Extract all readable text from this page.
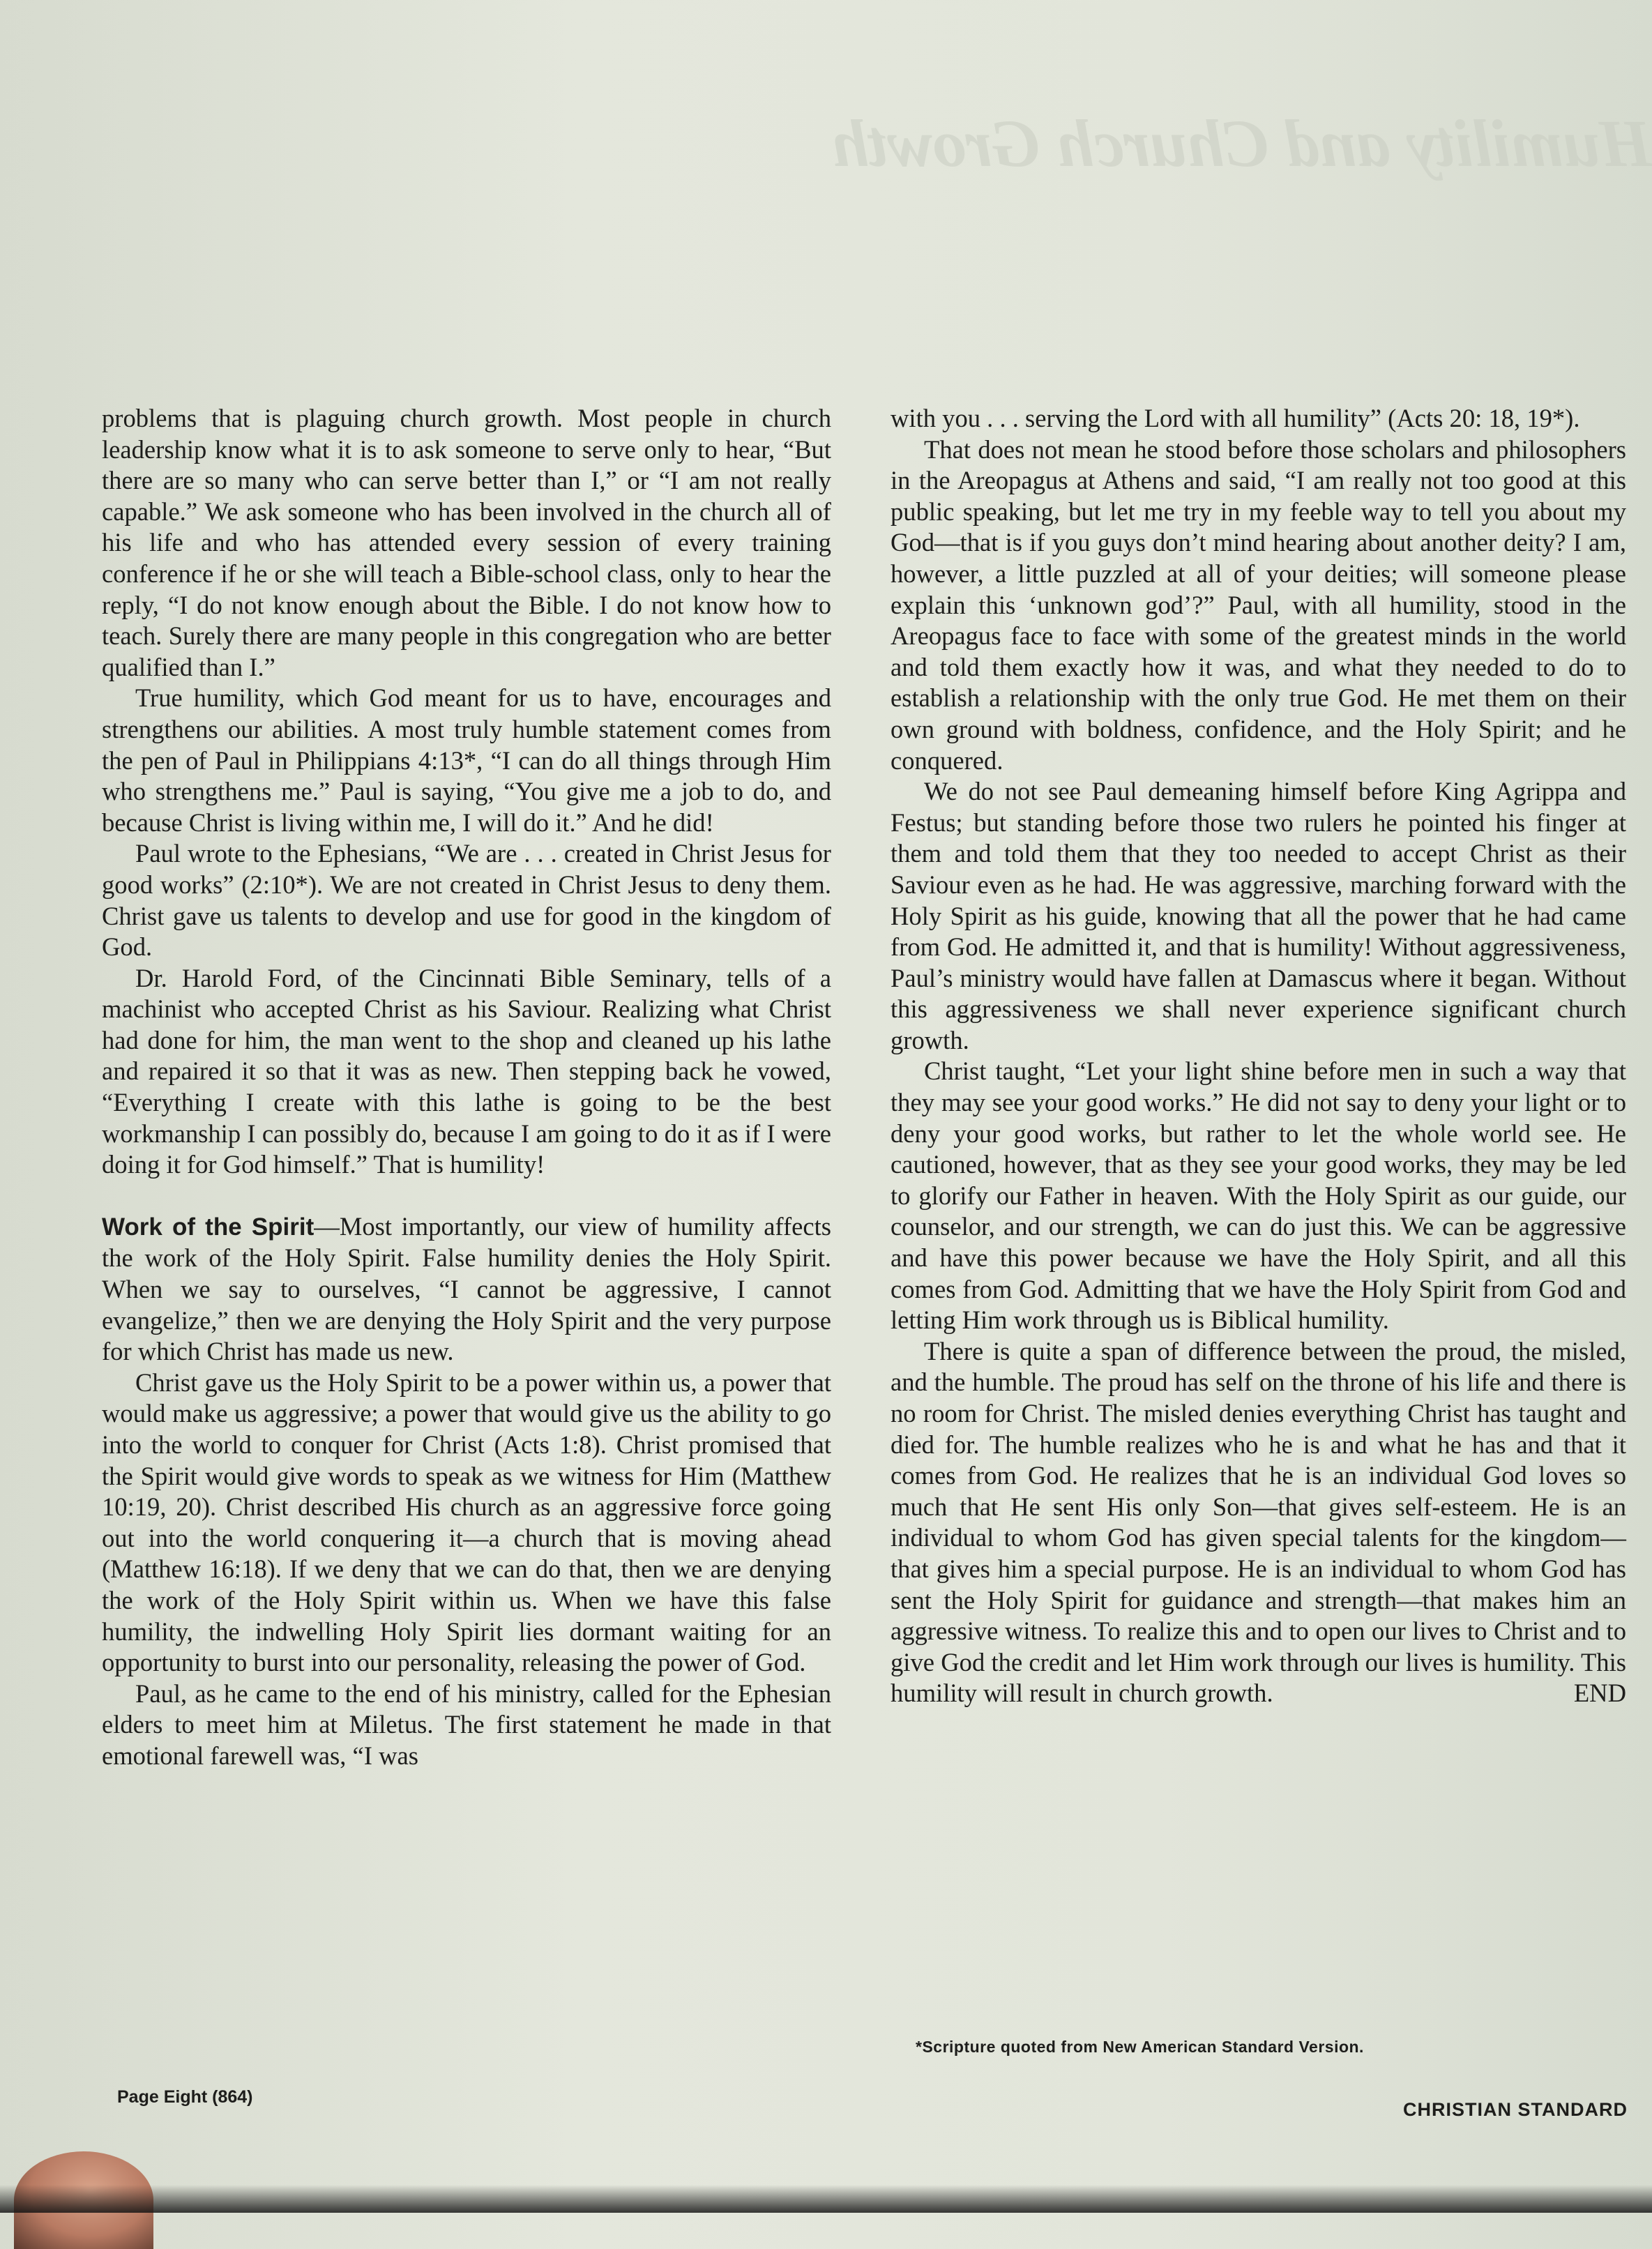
Humility and Church Growth

problems that is plaguing church growth. Most people in church leadership know what it is to ask someone to serve only to hear, “But there are so many who can serve better than I,” or “I am not really capable.” We ask someone who has been involved in the church all of his life and who has attended every session of every training conference if he or she will teach a Bible-school class, only to hear the reply, “I do not know enough about the Bible. I do not know how to teach. Surely there are many people in this congregation who are better qualified than I.”

True humility, which God meant for us to have, encourages and strengthens our abilities. A most truly humble statement comes from the pen of Paul in Philippians 4:13*, “I can do all things through Him who strengthens me.” Paul is saying, “You give me a job to do, and because Christ is living within me, I will do it.” And he did!

Paul wrote to the Ephesians, “We are . . . created in Christ Jesus for good works” (2:10*). We are not created in Christ Jesus to deny them. Christ gave us talents to develop and use for good in the kingdom of God.

Dr. Harold Ford, of the Cincinnati Bible Seminary, tells of a machinist who accepted Christ as his Saviour. Realizing what Christ had done for him, the man went to the shop and cleaned up his lathe and repaired it so that it was as new. Then stepping back he vowed, “Everything I create with this lathe is going to be the best workmanship I can possibly do, because I am going to do it as if I were doing it for God himself.” That is humility!

Work of the Spirit—Most importantly, our view of humility affects the work of the Holy Spirit. False humility denies the Holy Spirit. When we say to ourselves, “I cannot be aggressive, I cannot evangelize,” then we are denying the Holy Spirit and the very purpose for which Christ has made us new.

Christ gave us the Holy Spirit to be a power within us, a power that would make us aggressive; a power that would give us the ability to go into the world to conquer for Christ (Acts 1:8). Christ promised that the Spirit would give words to speak as we witness for Him (Matthew 10:19, 20). Christ described His church as an aggressive force going out into the world conquering it—a church that is moving ahead (Matthew 16:18). If we deny that we can do that, then we are denying the work of the Holy Spirit within us. When we have this false humility, the indwelling Holy Spirit lies dormant waiting for an opportunity to burst into our personality, releasing the power of God.

Paul, as he came to the end of his ministry, called for the Ephesian elders to meet him at Miletus. The first statement he made in that emotional farewell was, “I was

with you . . . serving the Lord with all humility” (Acts 20: 18, 19*).

That does not mean he stood before those scholars and philosophers in the Areopagus at Athens and said, “I am really not too good at this public speaking, but let me try in my feeble way to tell you about my God—that is if you guys don’t mind hearing about another deity? I am, however, a little puzzled at all of your deities; will someone please explain this ‘unknown god’?” Paul, with all humility, stood in the Areopagus face to face with some of the greatest minds in the world and told them exactly how it was, and what they needed to do to establish a relationship with the only true God. He met them on their own ground with boldness, confidence, and the Holy Spirit; and he conquered.

We do not see Paul demeaning himself before King Agrippa and Festus; but standing before those two rulers he pointed his finger at them and told them that they too needed to accept Christ as their Saviour even as he had. He was aggressive, marching forward with the Holy Spirit as his guide, knowing that all the power that he had came from God. He admitted it, and that is humility! Without aggressiveness, Paul’s ministry would have fallen at Damascus where it began. Without this aggressiveness we shall never experience significant church growth.

Christ taught, “Let your light shine before men in such a way that they may see your good works.” He did not say to deny your light or to deny your good works, but rather to let the whole world see. He cautioned, however, that as they see your good works, they may be led to glorify our Father in heaven. With the Holy Spirit as our guide, our counselor, and our strength, we can do just this. We can be aggressive and have this power because we have the Holy Spirit, and all this comes from God. Admitting that we have the Holy Spirit from God and letting Him work through us is Biblical humility.

There is quite a span of difference between the proud, the misled, and the humble. The proud has self on the throne of his life and there is no room for Christ. The misled denies everything Christ has taught and died for. The humble realizes who he is and what he has and that it comes from God. He realizes that he is an individual God loves so much that He sent His only Son—that gives self-esteem. He is an individual to whom God has given special talents for the kingdom—that gives him a special purpose. He is an individual to whom God has sent the Holy Spirit for guidance and strength—that makes him an aggressive witness. To realize this and to open our lives to Christ and to give God the credit and let Him work through our lives is humility. This humility will result in church growth.	END

*Scripture quoted from New American Standard Version.
Page Eight (864)
CHRISTIAN STANDARD
